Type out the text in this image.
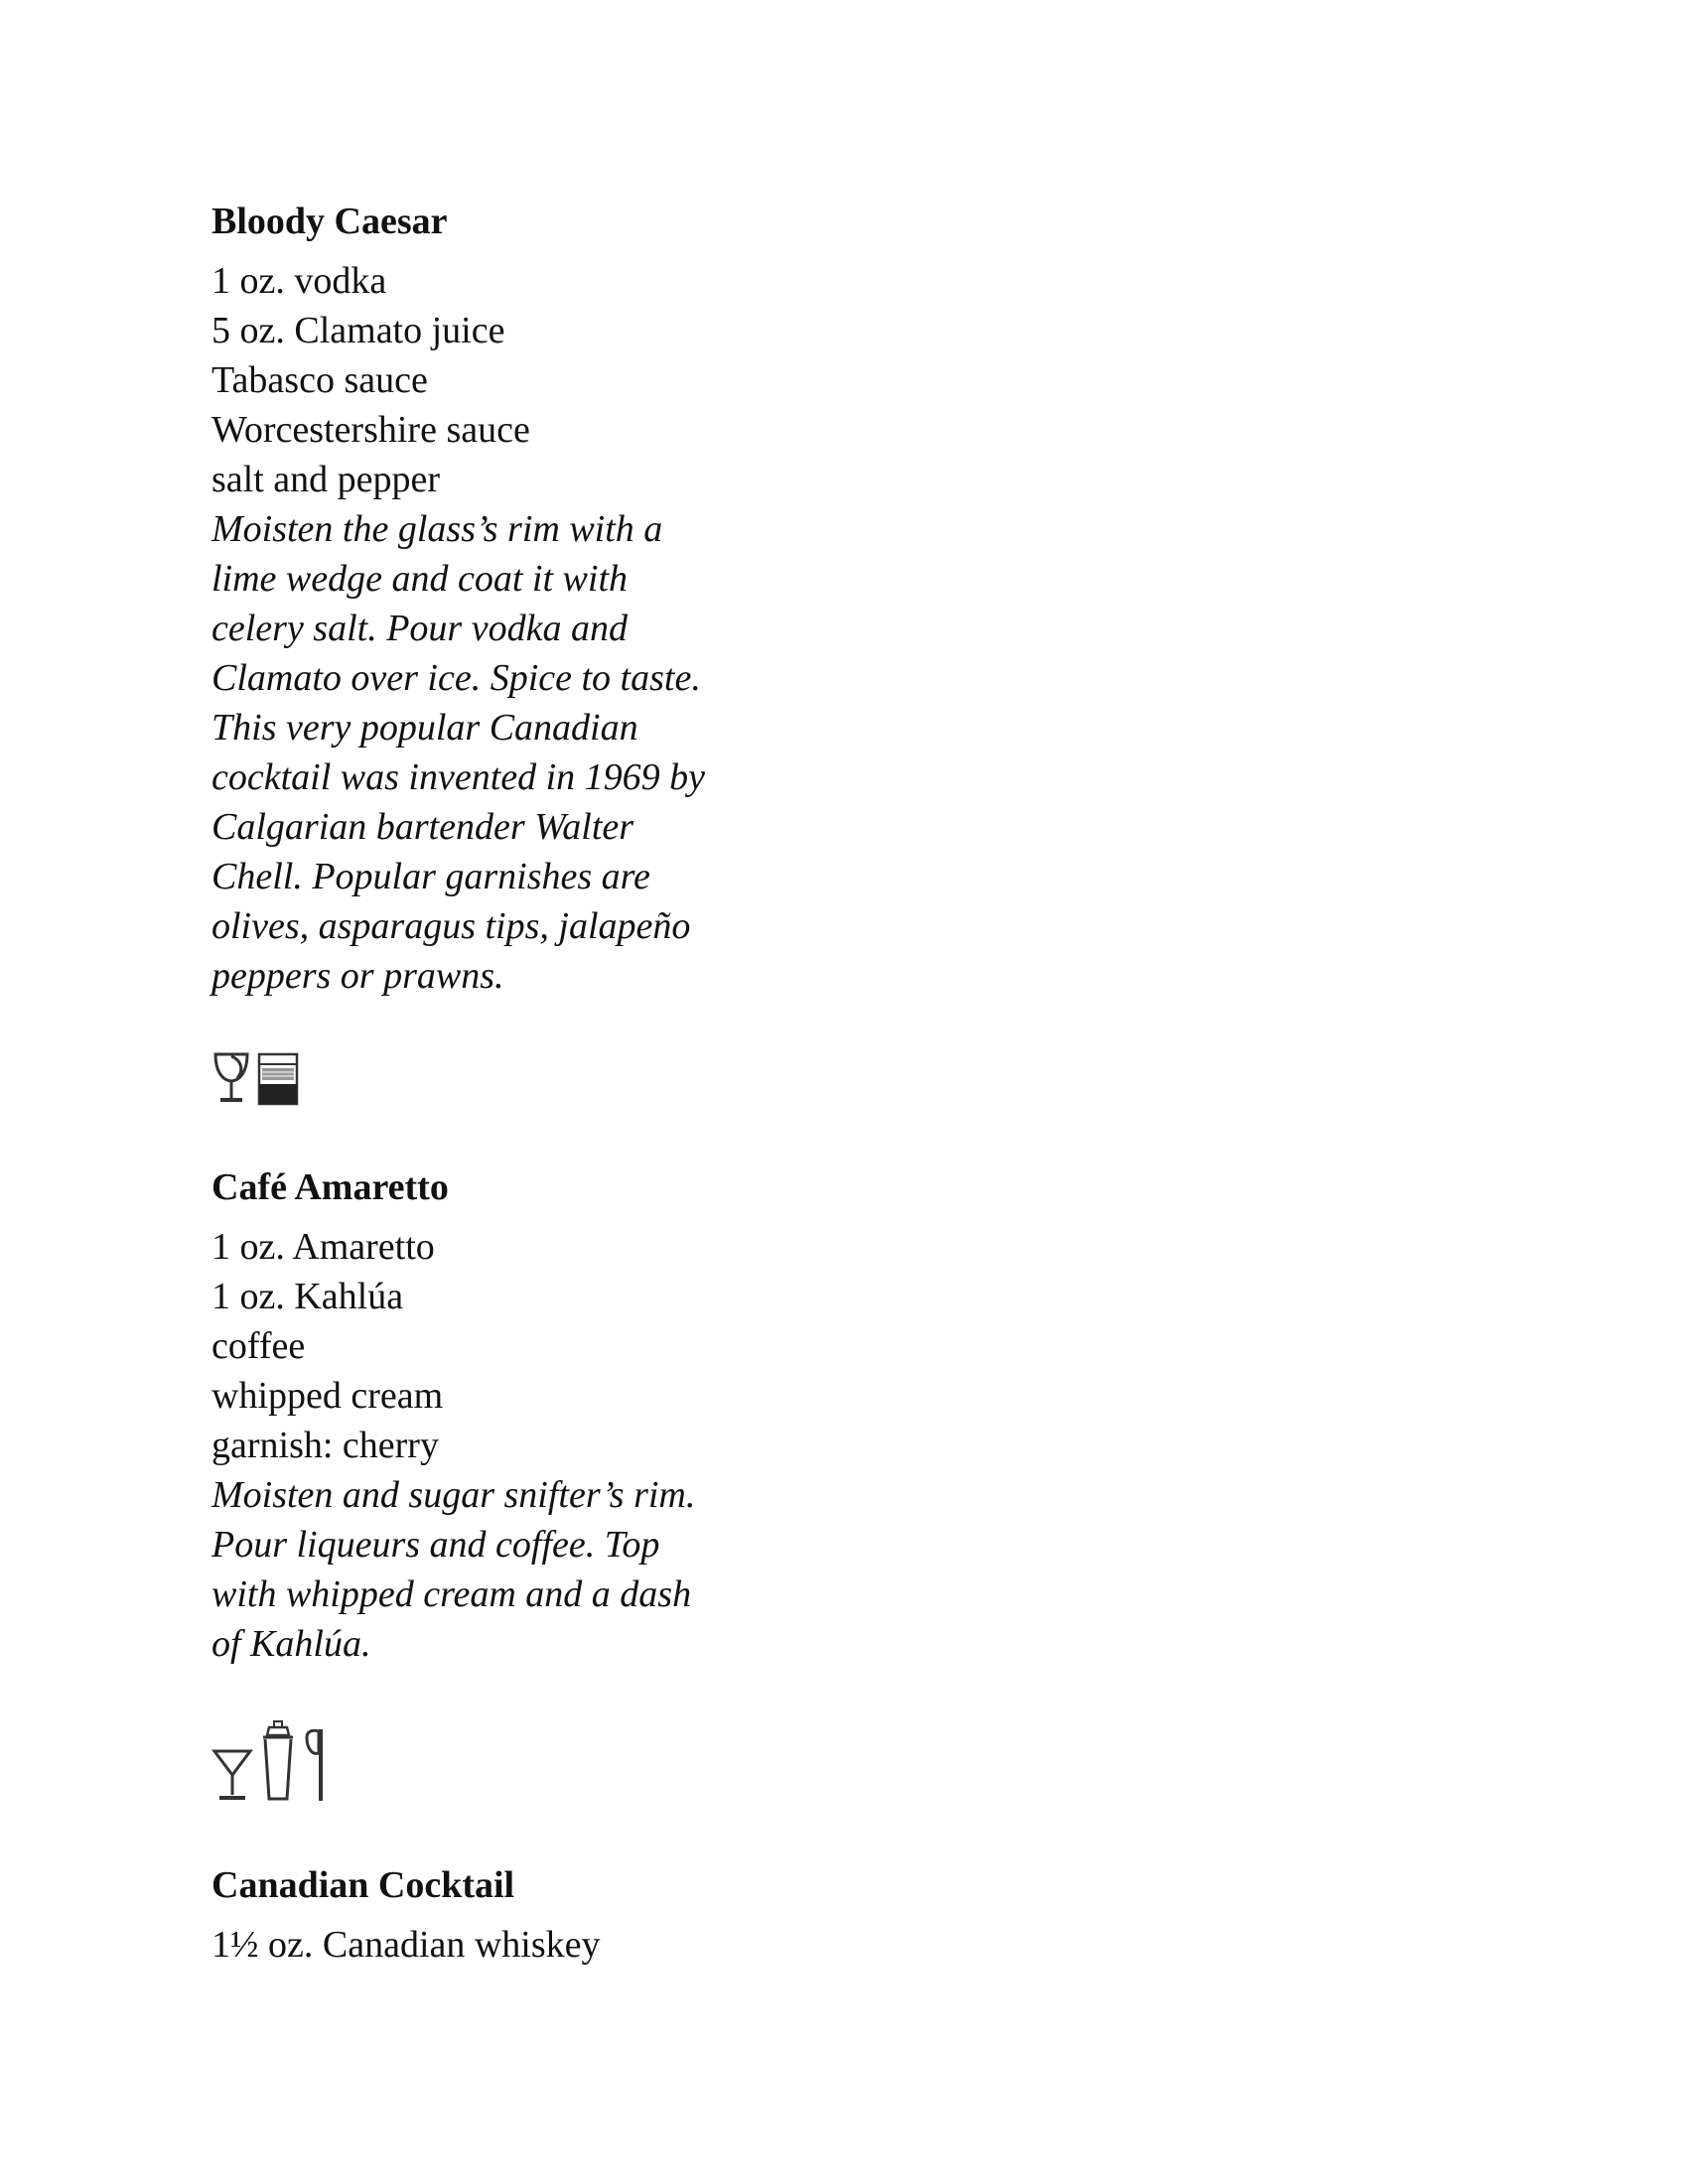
Bloody Caesar
1 oz. vodka
5 oz. Clamato juice
Tabasco sauce
Worcestershire sauce
salt and pepper
Moisten the glass’s rim with a
lime wedge and coat it with
celery salt. Pour vodka and
Clamato over ice. Spice to taste.
This very popular Canadian
cocktail was invented in 1969 by
Calgarian bartender Walter
Chell. Popular garnishes are
olives, asparagus tips, jalapeño
peppers or prawns.
Café Amaretto
1 oz. Amaretto
1 oz. Kahlúa
coffee
whipped cream
garnish: cherry
Moisten and sugar snifter’s rim.
Pour liqueurs and coffee. Top
with whipped cream and a dash
of Kahlúa.
Canadian Cocktail
1½ oz. Canadian whiskey
